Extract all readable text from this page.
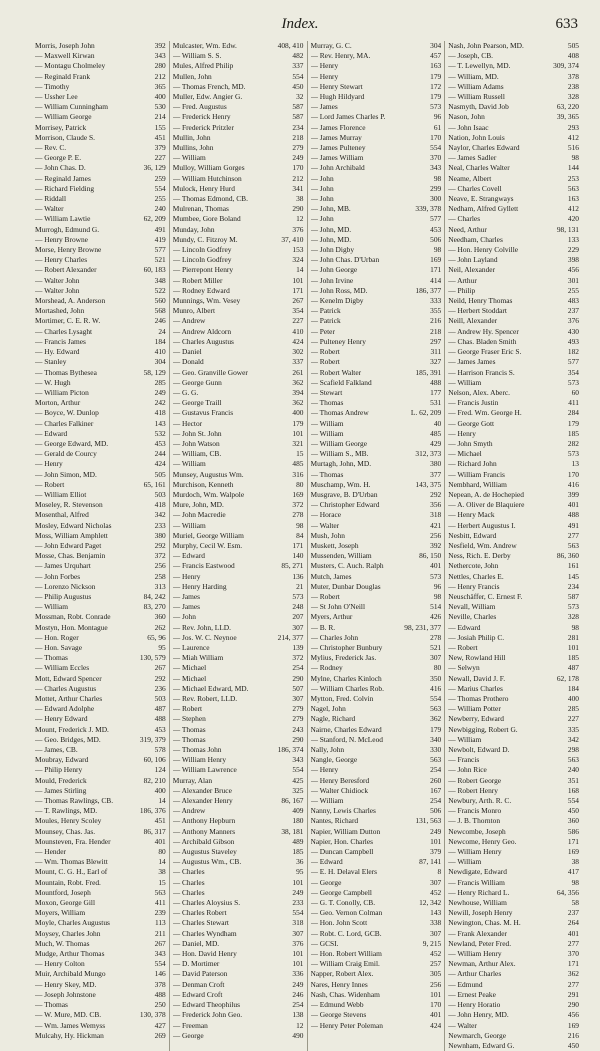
Index.	633
Morris, Joseph John	392
— Maxwell Kirwan	343
— Montagu Cholmeley	280
— Reginald Frank	212
— Timothy	365
— Ussher Lee	400
— William Cunningham	530
— William George	214
Morrisey, Patrick	155
Morrison, Claude S.	451
— Rev. C.	379
— George P. E.	227
— John Chas. D.	36, 129
— Reginald James	259
— Richard Fielding	554
— Riddall	255
— Walter	240
— William Lawtie	62, 209
Murrogh, Edmund G.	491
— Henry Browne	419
Morse, Henry Browne	577
— Henry Charles	521
— Robert Alexander	60, 183
— Walter John	348
— Walter John	522
Morshead, A. Anderson	560
Mortashed, John	568
Mortimer, C. E. R. W.	246
— Charles Lysaght	24
— Francis James	184
— Hy. Edward	410
— Stanley	304
— Thomas Bythesea	58, 129
— W. Hugh	285
— William Picton	249
Morton, Arthur	242
— Boyce, W. Dunlop	418
— Charles Falkiner	143
— Edward	532
— George Edward, MD.	453
— Gerald de Courcy	244
— Henry	424
— John Simon, MD.	505
— Robert	65, 161
— William Elliot	503
Moseley, R. Stevenson	418
Mosenthal, Alfred	342
Mosley, Edward Nicholas	233
Moss, William Amphlett	380
— John Edward Paget	292
Mosse, Chas. Benjamin	372
— James Urquhart	256
— John Forbes	258
— Lorenzo Nickson	313
— Philip Augustus	84, 242
— William	83, 270
Mossman, Robt. Conrade	360
Mostyn, Hon. Montague	262
— Hon. Roger	65, 96
— Hon. Savage	95
— Thomas	130, 579
— William Eccles	267
Mott, Edward Spencer	292
— Charles Augustus	236
Mottet, Arthur Charles	503
— Edward Adolphe	487
— Henry Edward	488
Mount, Frederick J. MD.	453
— Geo. Bridges, MD.	319, 379
— James, CB.	578
Moubray, Edward	60, 106
— Philip Henry	124
Mould, Frederick	82, 210
— James Stirling	400
— Thomas Rawlings, CB.	14
— T. Rawlings, MD.	186, 376
Moules, Henry Scoley	451
Mounsey, Chas. Jas.	86, 317
Mounsteven, Fra. Hender	401
— Hender	80
— Wm. Thomas Blewitt	14
Mount, C. G. H., Earl of	38
Mountain, Robt. Fred.	15
Mountford, Joseph	563
Moxon, George Gill	411
Moyers, William	239
Moyle, Charles Augustus	113
Moysey, Charles John	211
Much, W. Thomas	267
Mudge, Arthur Thomas	343
— Henry Colton	554
Muir, Archibald Mungo	146
— Henry Skey, MD.	378
— Joseph Johnstone	488
— Thomas	250
— W. Mure, MD. CB.	130, 378
— Wm. James Wemyss	427
Mulcahy, Hy. Hickman	269
Mulcaster, Wm. Edw.	408, 410
— William S. S.	482
Mules, Alfred Philip	337
Mullen, John	554
— Thomas French, MD.	450
Muller, Edw. Angier G.	32
— Fred. Augustus	587
— Frederick Henry	587
— Frederick Pritzler	234
Mullin, John	218
Mullins, John	279
— William	249
Mulloy, William Gorges	170
— William Hutchinson	212
Mulock, Henry Hurd	341
— Thomas Edmond, CB.	38
Mulrenan, Thomas	290
Mumbee, Gore Boland	12
Munday, John	376
Mundy, C. Fitzroy M.	37, 410
— Lincoln Godfrey	153
— Lincoln Godfrey	324
— Pierrepont Henry	14
— Robert Miller	101
— Rodney Edward	171
Munnings, Wm. Vesey	267
Munro, Albert	354
— Andrew	227
— Andrew Aldcorn	410
— Charles Augustus	424
— Daniel	302
— Donald	337
— Geo. Granville Gower	261
— George Gunn	362
— G. G.	394
— George Traill	362
— Gustavus Francis	400
— Hector	179
— John St. John	101
— John Watson	321
— William, CB.	15
— William	485
Munsey, Augustus Wm.	316
Murchison, Kenneth	80
Murdoch, Wm. Walpole	169
Mure, John, MD.	372
— John Macredie	278
— William	98
Muriel, George William	84
Murphy, Cecil W. Esm.	171
— Edward	140
— Francis Eastwood	85, 271
— Henry	136
— Henry Harding	21
— James	573
— James	248
— John	207
— Rev. John, LLD.	307
— Jos. W. C. Neynoe	214, 377
— Laurence	139
— Miah William	372
— Michael	254
— Michael	290
— Michael Edward, MD.	507
— Rev. Robert, LLD.	307
— Robert	279
— Stephen	279
— Thomas	243
— Thomas	290
— Thomas John	186, 374
— William Henry	343
— William Lawrence	554
Murray, Alan	425
— Alexander Bruce	325
— Alexander Henry	86, 167
— Andrew	409
— Anthony Hepburn	180
— Anthony Manners	38, 181
— Archibald Gibson	489
— Augustus Staveley	185
— Augustus Wm., CB.	36
— Charles	95
— Charles	101
— Charles	249
— Charles Aloysius S.	233
— Charles Robert	554
— Charles Stewart	318
— Charles Wyndham	307
— Daniel, MD.	376
— Hon. David Henry	101
— D. Mortimer	101
— David Paterson	336
— Denman Croft	249
— Edward Croft	246
— Edward Theophilus	254
— Frederick John Geo.	138
— Freeman	12
— George	490
Murray, G. C.	304
— Rev. Henry, MA.	457
— Henry	163
— Henry	179
— Henry Stewart	172
— Hugh Hildyard	179
— James	573
— Lord James Charles P.	96
— James Florence	61
— James Murray	170
— James Pulteney	554
— James William	370
— John Archibald	343
— John	98
— John	299
— John	300
— John, MB.	339, 378
— John	577
— John, MD.	453
— John, MD.	506
— John Digby	98
— John Chas. D'Urban	169
— John George	171
— John Irvine	414
— John Ross, MD.	186, 377
— Kenelm Digby	333
— Patrick	355
— Patrick	216
— Peter	218
— Pulteney Henry	297
— Robert	311
— Robert	327
— Robert Walter	185, 391
— Scafield Falkland	488
— Stewart	177
— Thomas	531
— Thomas Andrew	L. 62, 209
— William	40
— William	485
— William George	429
— William S., MB.	312, 373
Murtagh, John, MD.	380
— Thomas	377
Muschamp, Wm. H.	143, 375
Musgrave, B. D'Urban	292
— Christopher Edward	356
— Horace	318
— Walter	421
Mush, John	256
Muskett, Joseph	392
Mussenden, William	86, 150
Musters, C. Auch. Ralph	401
Mutch, James	573
Muter, Dunbar Douglas	96
— Robert	98
— St John O'Neill	514
Myers, Arthur	426
— B. R.	98, 231, 377
— Charles John	278
— Christopher Bunbury	521
Mylius, Frederick Jas.	307
— Rodney	80
Mylne, Charles Kinloch	350
— William Charles Rob.	416
Mytton, Fred. Colvin	554
Nagel, John	563
Nagle, Richard	362
Nairne, Charles Edward	179
— Stanford, N. McLeod	340
Nally, John	330
Nangle, George	563
— Henry	254
— Henry Beresford	260
— Walter Chidiock	167
— William	254
Nanny, Lewis Charles	506
Nantes, Richard	131, 563
Napier, William Dutton	249
Napier, Hon. Charles	101
— Duncan Campbell	379
— Edward	87, 141
— E. H. Delaval Elers	8
— George	307
— George Campbell	452
— G. T. Conolly, CB.	12, 342
— Geo. Vernon Colman	143
— Hon. John Scott	338
— Robt. C. Lord, GCB.	307
— GCSI.	9, 215
— Hon. Robert William	452
— William Craig Emil.	257
Napper, Robert Alex.	305
Nares, Henry Innes	256
Nash, Chas. Widenham	101
— Edmund Webb	170
— George Stevens	401
— Henry Peter Poleman	424
Nash, John Pearson, MD.	505
— Joseph, CB.	408
— T. Lewellyn, MD.	309, 374
— William, MD.	378
— William Adams	238
— William Russell	328
Nasmyth, David Job	63, 220
Nason, John	39, 365
— John Isaac	293
Nation, John Louis	412
Naylor, Charles Edward	516
— James Sadler	98
Neal, Charles Walter	144
Neame, Albert	253
— Charles Covell	563
Neave, E. Strangways	163
Nedham, Alfred Gyllett	412
— Charles	420
Need, Arthur	98, 131
Needham, Charles	133
— Hon. Henry Colville	229
— John Layland	398
Neil, Alexander	456
— Arthur	301
— Philip	255
Neild, Henry Thomas	483
— Herbert Stoddart	237
Neill, Alexander	376
— Andrew Hy. Spencer	430
— Chas. Bladen Smith	493
— George Fraser Eric S.	182
— James James	577
— Harrison Francis S.	354
— William	573
Nelson, Alex. Aberc.	60
— Francis Justin	411
— Fred. Wm. George H.	284
— George Gott	179
— Henry	185
— John Smyth	282
— Michael	573
— Richard John	13
— William Francis	170
Nembhard, William	416
Nepean, A. de Hochepied	399
— A. Oliver de Blaquiere	401
— Henry Mack	488
— Herbert Augustus I.	491
Nesbitt, Edward	277
Nesfield, Wm. Andrew	563
Ness, Rich. E. Derby	86, 360
Nethercote, John	161
Nettles, Charles E.	145
— Henry Francis	234
Neuschäffer, C. Ernest F.	587
Nevall, William	573
Neville, Charles	328
— Edward	98
— Josiah Philip C.	281
— Robert	101
New, Rowland Hill	185
— Selwyn	487
Newall, David J. F.	62, 178
— Marius Charles	184
— Thomas Prothero	400
— William Potter	285
Newberry, Edward	227
Newbigging, Robert G.	335
— William	342
Newbolt, Edward D.	298
— Francis	563
— John Rice	240
— Robert George	351
— Robert Henry	168
Newbury, Arth. R. C.	554
— Francis Monro	450
— J. B. Thornton	360
Newcombe, Joseph	586
Newcome, Henry Geo.	171
— William Henry	169
— William	38
Newdigate, Edward	417
— Francis William	98
— Henry Richard L.	64, 356
Newhouse, William	58
Newill, Joseph Henry	237
Newington, Chas. M. H.	264
— Frank Alexander	401
Newland, Peter Fred.	277
— William Henry	370
Newman, Arthur Alex.	171
— Arthur Charles	362
— Edmund	277
— Ernest Peake	291
— Henry Horatio	290
— John Henry, MD.	456
— Walter	169
Newmarch, George	216
Newnham, Edward G.	450
